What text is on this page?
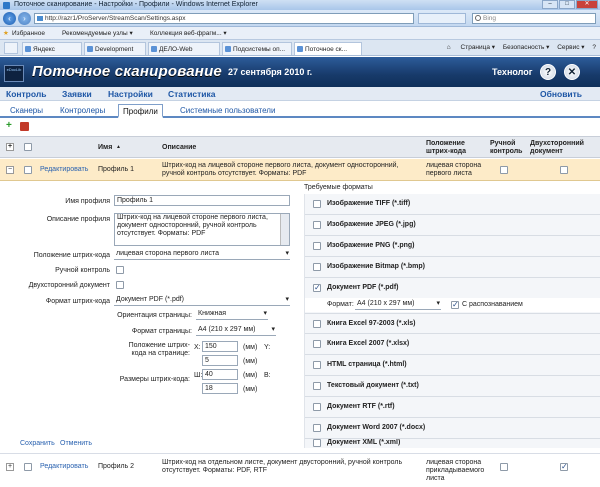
Поточное сканирование - Настройки - Профили - Windows Internet Explorer	–	□	✕
‹	›	http://razr1/ProServer/StreamScan/Settings.aspx	Bing
★ Избранное	Рекомендуемые узлы ▾	Коллекция веб-фрагм... ▾
Яндекс	Development	ДЕЛО-Web	Подсистемы оп...	Поточное ск...	⌂ Страница ▾ Безопасность ▾ Сервис ▾ ?
eDocLib Поточное сканирование 27 сентября 2010 г.	Технолог	?	✕
Контроль Заявки Настройки Статистика	Обновить
Сканеры	Контролеры	Профили	Системные пользователи
+
+	Имя ▲	Описание
Положение штрих-кода
Ручной контроль
Двухсторонний документ
−	Редактировать Профиль 1
Штрих-код на лицевой стороне первого листа, документ односторонний, ручной контроль отсутствует. Форматы: PDF
лицевая сторона первого листа
Имя профиля	Профиль 1
Описание профиля	Штрих-код на лицевой стороне первого листа, документ односторонний, ручной контроль отсутствует. Форматы: PDF
Положение штрих-кода лицевая сторона первого листа ▾
Ручной контроль
Двухсторонний документ
Формат штрих-кода Документ PDF (*.pdf) ▾
Ориентация страницы: Книжная ▾
Формат страницы: А4 (210 x 297 мм) ▾
Положение штрих-кода на странице:
X: 150	(мм) Y:
5	(мм)
Размеры штрих-кода:
Ш: 40	(мм) В:
18	(мм)
Сохранить Отменить
Требуемые форматы
Изображение TIFF (*.tiff)
Изображение JPEG (*.jpg)
Изображение PNG (*.png)
Изображение Bitmap (*.bmp)
✓
Документ PDF (*.pdf)
Формат: А4 (210 x 297 мм) ▾
✓	С распознаванием
Книга Excel 97-2003 (*.xls)
Книга Excel 2007 (*.xlsx)
HTML страница (*.html)
Текстовый документ (*.txt)
Документ RTF (*.rtf)
Документ Word 2007 (*.docx)
Документ XML (*.xml)
+	Редактировать Профиль 2
Штрих-код на отдельном листе, документ двусторонний, ручной контроль отсутствует. Форматы: PDF, RTF
лицевая сторона прикладываемого листа
✓
